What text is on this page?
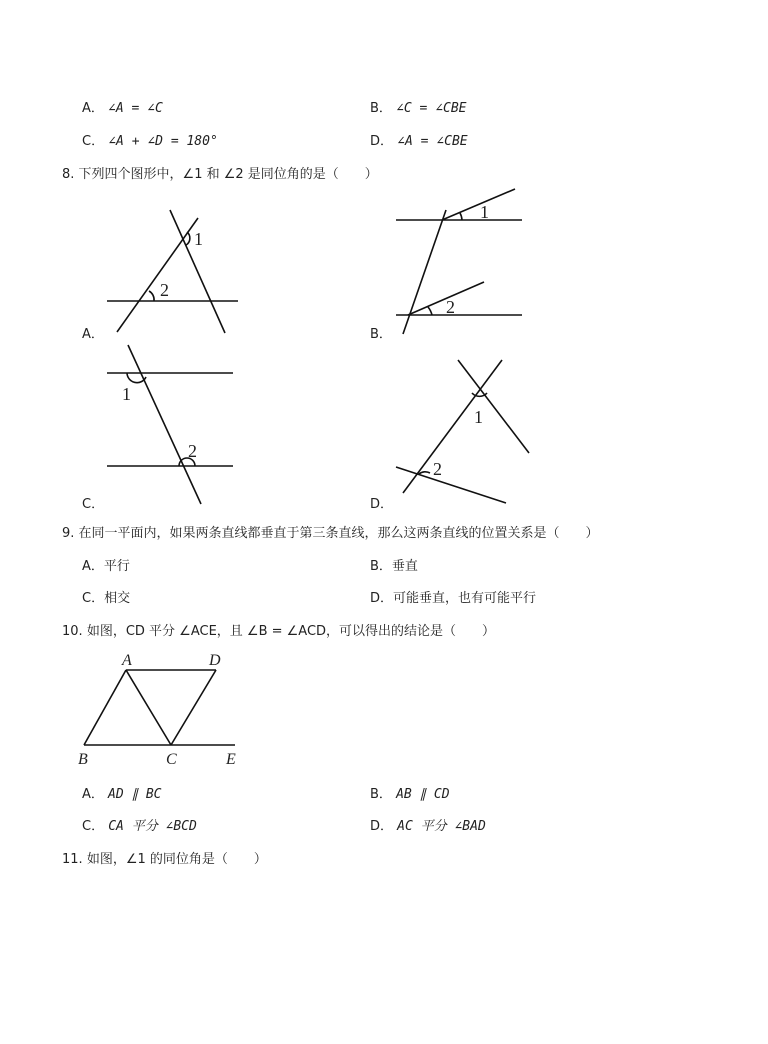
A． ∠A = ∠C	B． ∠C = ∠CBE
C． ∠A + ∠D = 180°	D． ∠A = ∠CBE
8. 下列四个图形中，∠1 和 ∠2 是同位角的是（　　）
A．
1
2
B．
1
2
C．
1
2
D．
1
2
9. 在同一平面内，如果两条直线都垂直于第三条直线，那么这两条直线的位置关系是（　　）
A．平行	B．垂直
C．相交	D．可能垂直，也有可能平行
10. 如图，CD 平分 ∠ACE，且 ∠B = ∠ACD，可以得出的结论是（　　）
A	D
B	C	E
A． AD ∥ BC	B． AB ∥ CD
C． CA 平分 ∠BCD	D． AC 平分 ∠BAD
11. 如图，∠1 的同位角是（　　）
